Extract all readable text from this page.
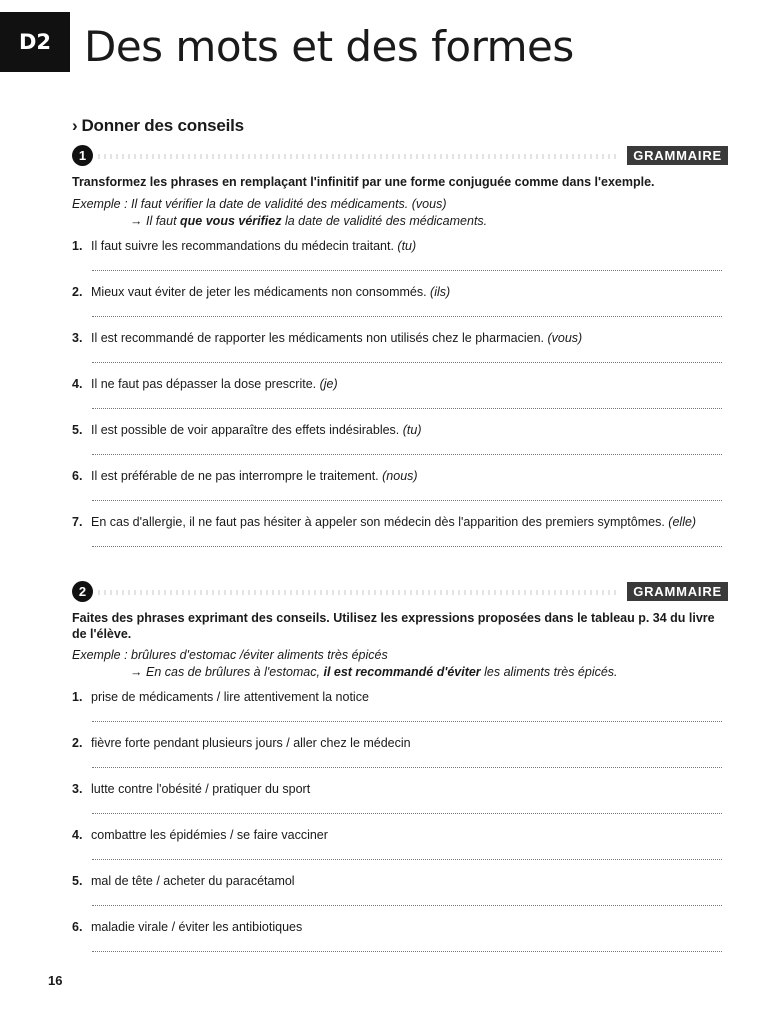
D2 Des mots et des formes
› Donner des conseils
1	GRAMMAIRE

Transformez les phrases en remplaçant l'infinitif par une forme conjuguée comme dans l'exemple.

Exemple : Il faut vérifier la date de validité des médicaments. (vous)
→ Il faut que vous vérifiez la date de validité des médicaments.

1. Il faut suivre les recommandations du médecin traitant. (tu)
2. Mieux vaut éviter de jeter les médicaments non consommés. (ils)
3. Il est recommandé de rapporter les médicaments non utilisés chez le pharmacien. (vous)
4. Il ne faut pas dépasser la dose prescrite. (je)
5. Il est possible de voir apparaître des effets indésirables. (tu)
6. Il est préférable de ne pas interrompre le traitement. (nous)
7. En cas d'allergie, il ne faut pas hésiter à appeler son médecin dès l'apparition des premiers symptômes. (elle)
2	GRAMMAIRE

Faites des phrases exprimant des conseils. Utilisez les expressions proposées dans le tableau p. 34 du livre de l'élève.

Exemple : brûlures d'estomac /éviter aliments très épicés
→ En cas de brûlures à l'estomac, il est recommandé d'éviter les aliments très épicés.

1. prise de médicaments / lire attentivement la notice
2. fièvre forte pendant plusieurs jours / aller chez le médecin
3. lutte contre l'obésité / pratiquer du sport
4. combattre les épidémies / se faire vacciner
5. mal de tête / acheter du paracétamol
6. maladie virale / éviter les antibiotiques
16
